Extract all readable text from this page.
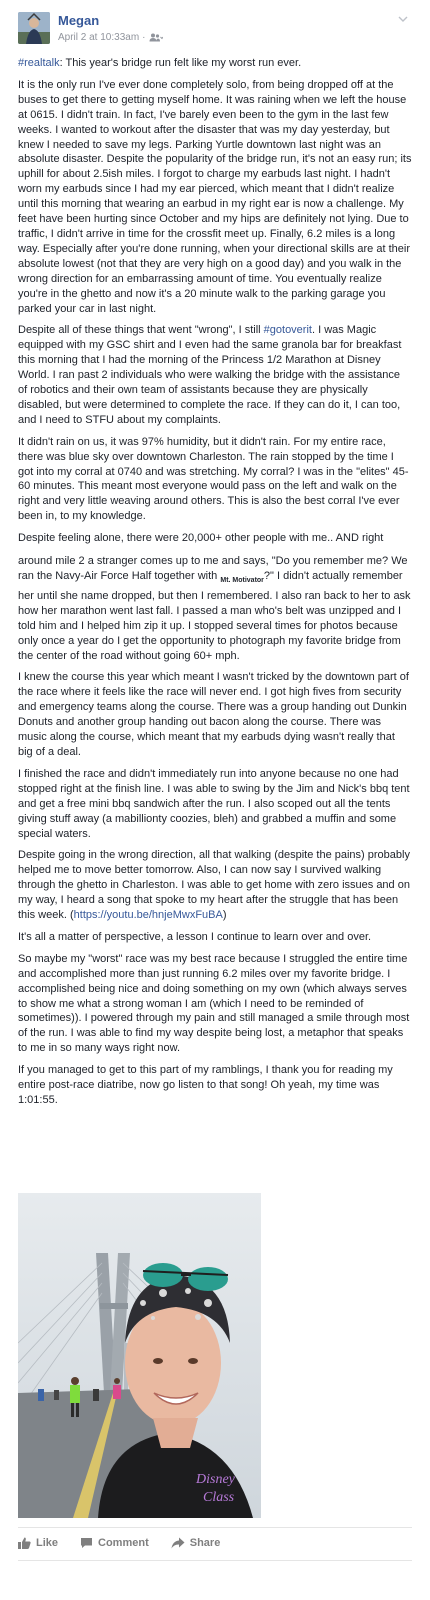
Megan
April 2 at 10:33am ·

#realtalk: This year's bridge run felt like my worst run ever.

It is the only run I've ever done completely solo, from being dropped off at the buses to get there to getting myself home. It was raining when we left the house at 0615. I didn't train. In fact, I've barely even been to the gym in the last few weeks. I wanted to workout after the disaster that was my day yesterday, but knew I needed to save my legs. Parking Yurtle downtown last night was an absolute disaster. Despite the popularity of the bridge run, it's not an easy run; its uphill for about 2.5ish miles. I forgot to charge my earbuds last night. I hadn't worn my earbuds since I had my ear pierced, which meant that I didn't realize until this morning that wearing an earbud in my right ear is now a challenge. My feet have been hurting since October and my hips are definitely not lying. Due to traffic, I didn't arrive in time for the crossfit meet up. Finally, 6.2 miles is a long way. Especially after you're done running, when your directional skills are at their absolute lowest (not that they are very high on a good day) and you walk in the wrong direction for an embarrassing amount of time. You eventually realize you're in the ghetto and now it's a 20 minute walk to the parking garage you parked your car in last night.

Despite all of these things that went "wrong", I still #gotoverit. I was Magic equipped with my GSC shirt and I even had the same granola bar for breakfast this morning that I had the morning of the Princess 1/2 Marathon at Disney World. I ran past 2 individuals who were walking the bridge with the assistance of robotics and their own team of assistants because they are physically disabled, but were determined to complete the race. If they can do it, I can too, and I need to STFU about my complaints.

It didn't rain on us, it was 97% humidity, but it didn't rain. For my entire race, there was blue sky over downtown Charleston. The rain stopped by the time I got into my corral at 0740 and was stretching. My corral? I was in the "elites" 45-60 minutes. This meant most everyone would pass on the left and walk on the right and very little weaving around others. This is also the best corral I've ever been in, to my knowledge.

Despite feeling alone, there were 20,000+ other people with me.. AND right

around mile 2 a stranger comes up to me and says, "Do you remember me? We ran the Navy-Air Force Half together with $_{Mt. Motivator}$?" I didn't actually remember her until she name dropped, but then I remembered. I also ran back to her to ask how her marathon went last fall. I passed a man who's belt was unzipped and I told him and I helped him zip it up. I stopped several times for photos because only once a year do I get the opportunity to photograph my favorite bridge from the center of the road without going 60+ mph.

I knew the course this year which meant I wasn't tricked by the downtown part of the race where it feels like the race will never end. I got high fives from security and emergency teams along the course. There was a group handing out Dunkin Donuts and another group handing out bacon along the course. There was music along the course, which meant that my earbuds dying wasn't really that big of a deal.

I finished the race and didn't immediately run into anyone because no one had stopped right at the finish line. I was able to swing by the Jim and Nick's bbq tent and get a free mini bbq sandwich after the run. I also scoped out all the tents giving stuff away (a mabillionty coozies, bleh) and grabbed a muffin and some special waters.

Despite going in the wrong direction, all that walking (despite the pains) probably helped me to move better tomorrow. Also, I can now say I survived walking through the ghetto in Charleston. I was able to get home with zero issues and on my way, I heard a song that spoke to my heart after the struggle that has been this week. (https://youtu.be/hnjeMwxFuBA)

It's all a matter of perspective, a lesson I continue to learn over and over.

So maybe my "worst" race was my best race because I struggled the entire time and accomplished more than just running 6.2 miles over my favorite bridge. I accomplished being nice and doing something on my own (which always serves to show me what a strong woman I am (which I need to be reminded of sometimes)). I powered through my pain and still managed a smile through most of the run. I was able to find my way despite being lost, a metaphor that speaks to me in so many ways right now.

If you managed to get to this part of my ramblings, I thank you for reading my entire post-race diatribe, now go listen to that song! Oh yeah, my time was 1:01:55.

Disney
Class
Like	Comment	Share
